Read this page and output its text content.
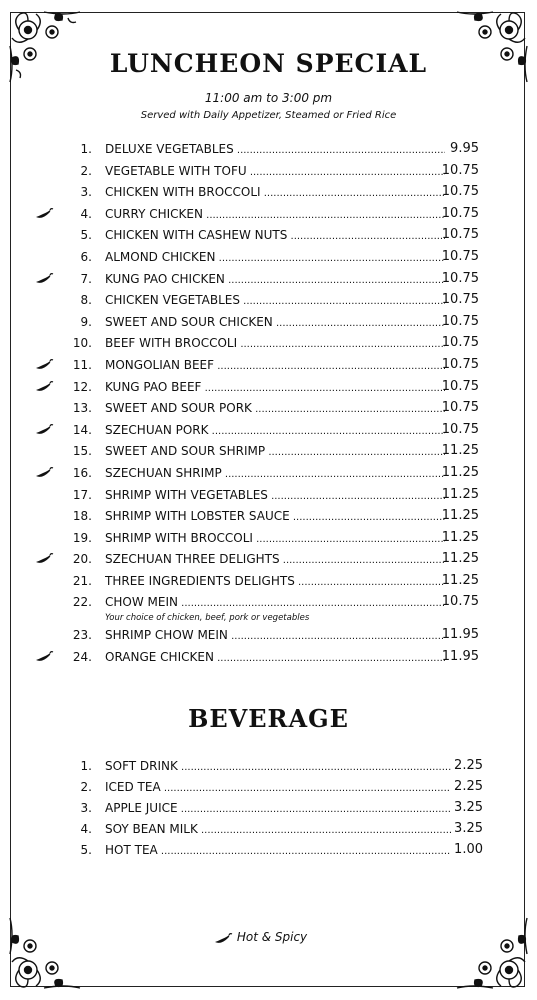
LUNCHEON SPECIAL
11:00 am to 3:00 pm
Served with Daily Appetizer, Steamed or Fried Rice
1. DELUXE VEGETABLES .....	9.95
2. VEGETABLE WITH TOFU .....	10.75
3. CHICKEN WITH BROCCOLI .....	10.75
4. CURRY CHICKEN .....	10.75
5. CHICKEN WITH CASHEW NUTS .....	10.75
6. ALMOND CHICKEN .....	10.75
7. KUNG PAO CHICKEN .....	10.75
8. CHICKEN VEGETABLES .....	10.75
9. SWEET AND SOUR CHICKEN .....	10.75
10. BEEF WITH BROCCOLI .....	10.75
11. MONGOLIAN BEEF .....	10.75
12. KUNG PAO BEEF .....	10.75
13. SWEET AND SOUR PORK .....	10.75
14. SZECHUAN PORK .....	10.75
15. SWEET AND SOUR SHRIMP .....	11.25
16. SZECHUAN SHRIMP .....	11.25
17. SHRIMP WITH VEGETABLES .....	11.25
18. SHRIMP WITH LOBSTER SAUCE .....	11.25
19. SHRIMP WITH BROCCOLI .....	11.25
20. SZECHUAN THREE DELIGHTS .....	11.25
21. THREE INGREDIENTS DELIGHTS .....	11.25
22. CHOW MEIN .....	10.75
Your choice of chicken, beef, pork or vegetables
23. SHRIMP CHOW MEIN .....	11.95
24. ORANGE CHICKEN .....	11.95
BEVERAGE
1. SOFT DRINK .....	2.25
2. ICED TEA .....	2.25
3. APPLE JUICE .....	3.25
4. SOY BEAN MILK .....	3.25
5. HOT TEA .....	1.00
Hot & Spicy
